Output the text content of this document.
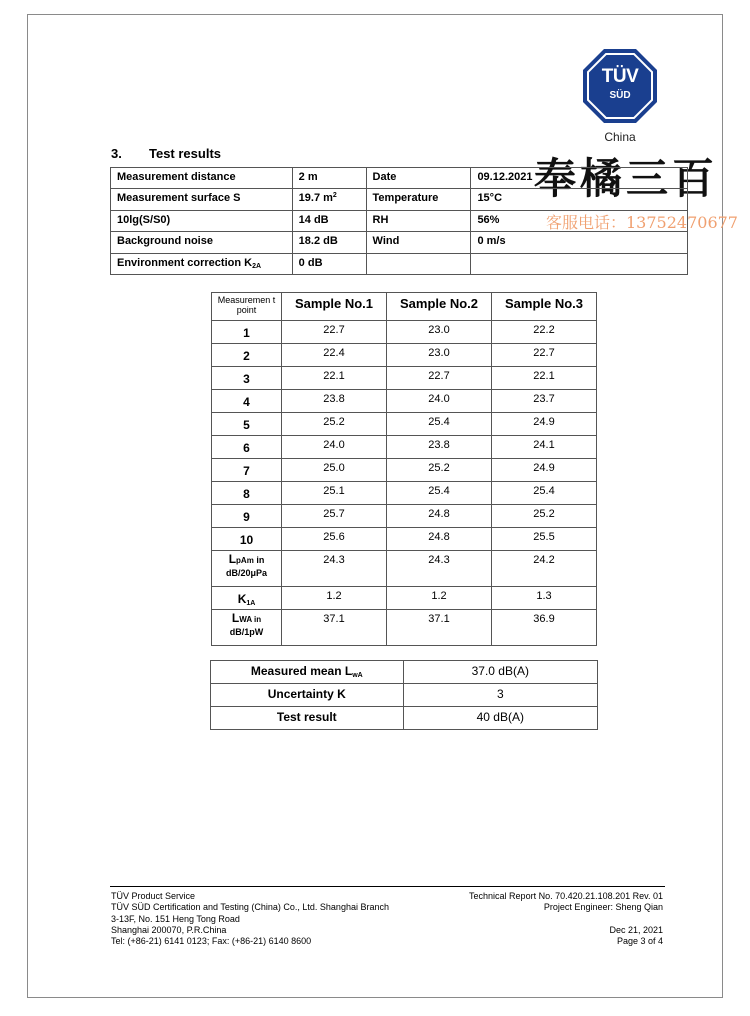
TÜV
SÜD
China
奉橘三百
客服电话：13752470677
3. Test results
Measurement distance	2 m	Date	09.12.2021
Measurement surface S	19.7 $m^2$	Temperature	15°C
10lg(S/S0)	14 dB	RH	56%
Background noise	18.2 dB	Wind	0 m/s
Environment correction $K_{2A}$	0 dB		
Measuremen t point	Sample No.1	Sample No.2	Sample No.3
1	22.7	23.0	22.2
2	22.4	23.0	22.7
3	22.1	22.7	22.1
4	23.8	24.0	23.7
5	25.2	25.4	24.9
6	24.0	23.8	24.1
7	25.0	25.2	24.9
8	25.1	25.4	25.4
9	25.7	24.8	25.2
10	25.6	24.8	25.5
LpAm in
dB/20μPa	24.3	24.3	24.2
$K_{1A}$	1.2	1.2	1.3
LWA in
dB/1pW	37.1	37.1	36.9
Measured mean $L_{wA}$	37.0 dB(A)
Uncertainty K	3
Test result	40 dB(A)
TÜV Product Service
TÜV SÜD Certification and Testing (China) Co., Ltd. Shanghai Branch
3-13F, No. 151 Heng Tong Road
Shanghai 200070, P.R.China
Tel: (+86-21) 6141 0123; Fax: (+86-21) 6140 8600
Technical Report No. 70.420.21.108.201 Rev. 01
Project Engineer: Sheng Qian

Dec 21, 2021
Page 3 of 4
